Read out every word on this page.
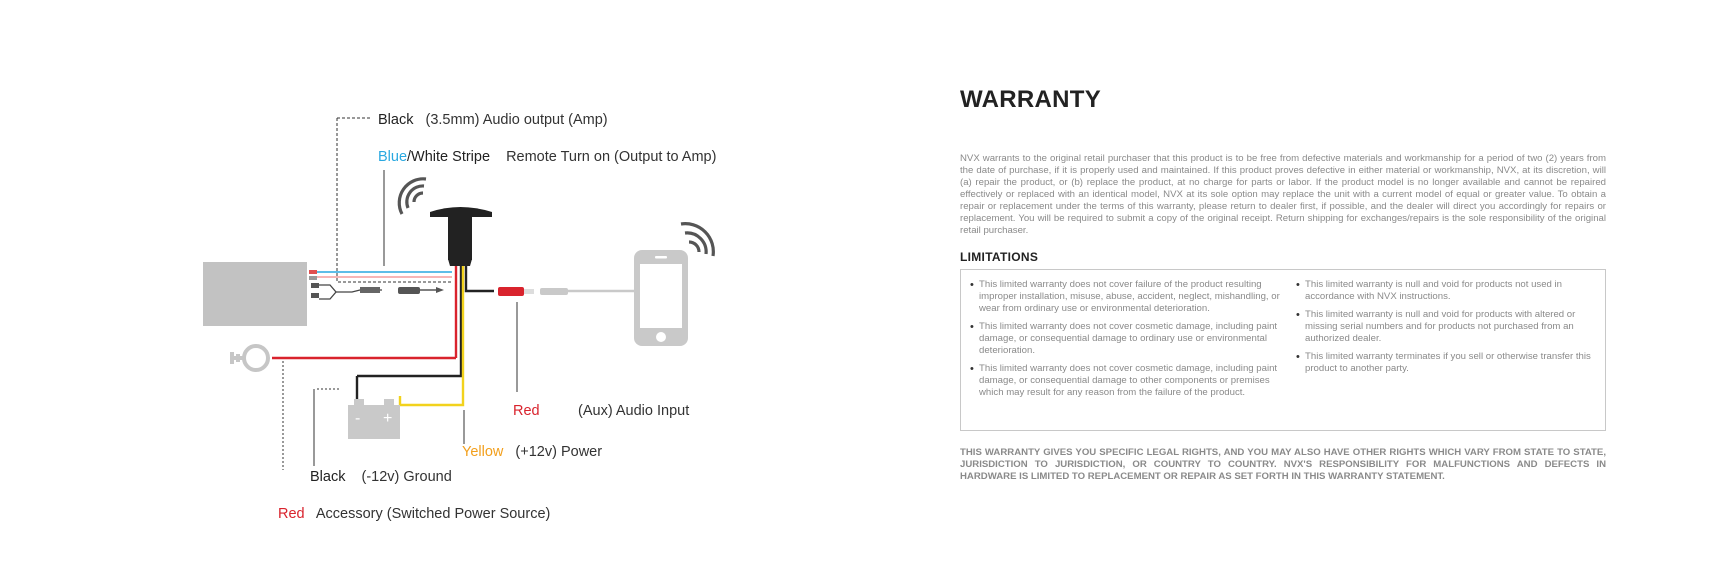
- +
Black (3.5mm) Audio output (Amp)
Blue/White Stripe Remote Turn on (Output to Amp)
Red	(Aux) Audio Input
Yellow (+12v) Power
Black (-12v) Ground
Red Accessory (Switched Power Source)
WARRANTY

NVX warrants to the original retail purchaser that this product is to be free from defective materials and workmanship for a period of two (2) years from the date of purchase, if it is properly used and maintained. If this product proves defective in either material or workmanship, NVX, at its discretion, will (a) repair the product, or (b) replace the product, at no charge for parts or labor. If the product model is no longer available and cannot be repaired effectively or replaced with an identical model, NVX at its sole option may replace the unit with a current model of equal or greater value. To obtain a repair or replacement under the terms of this warranty, please return to dealer first, if possible, and the dealer will direct you accordingly for repairs or replacement. You will be required to submit a copy of the original receipt. Return shipping for exchanges/repairs is the sole responsibility of the original retail purchaser.

LIMITATIONS
• This limited warranty does not cover failure of the product resulting improper installation, misuse, abuse, accident, neglect, mishandling, or wear from ordinary use or environmental deterioration.
• This limited warranty does not cover cosmetic damage, including paint damage, or consequential damage to ordinary use or environmental deterioration.
• This limited warranty does not cover cosmetic damage, including paint damage, or consequential damage to other components or premises which may result for any reason from the failure of the product.
• This limited warranty is null and void for products not used in accordance with NVX instructions.
• This limited warranty is null and void for products with altered or missing serial numbers and for products not purchased from an authorized dealer.
• This limited warranty terminates if you sell or otherwise transfer this product to another party.

THIS WARRANTY GIVES YOU SPECIFIC LEGAL RIGHTS, AND YOU MAY ALSO HAVE OTHER RIGHTS WHICH VARY FROM STATE TO STATE, JURISDICTION TO JURISDICTION, OR COUNTRY TO COUNTRY. NVX'S RESPONSIBILITY FOR MALFUNCTIONS AND DEFECTS IN HARDWARE IS LIMITED TO REPLACEMENT OR REPAIR AS SET FORTH IN THIS WARRANTY STATEMENT.
